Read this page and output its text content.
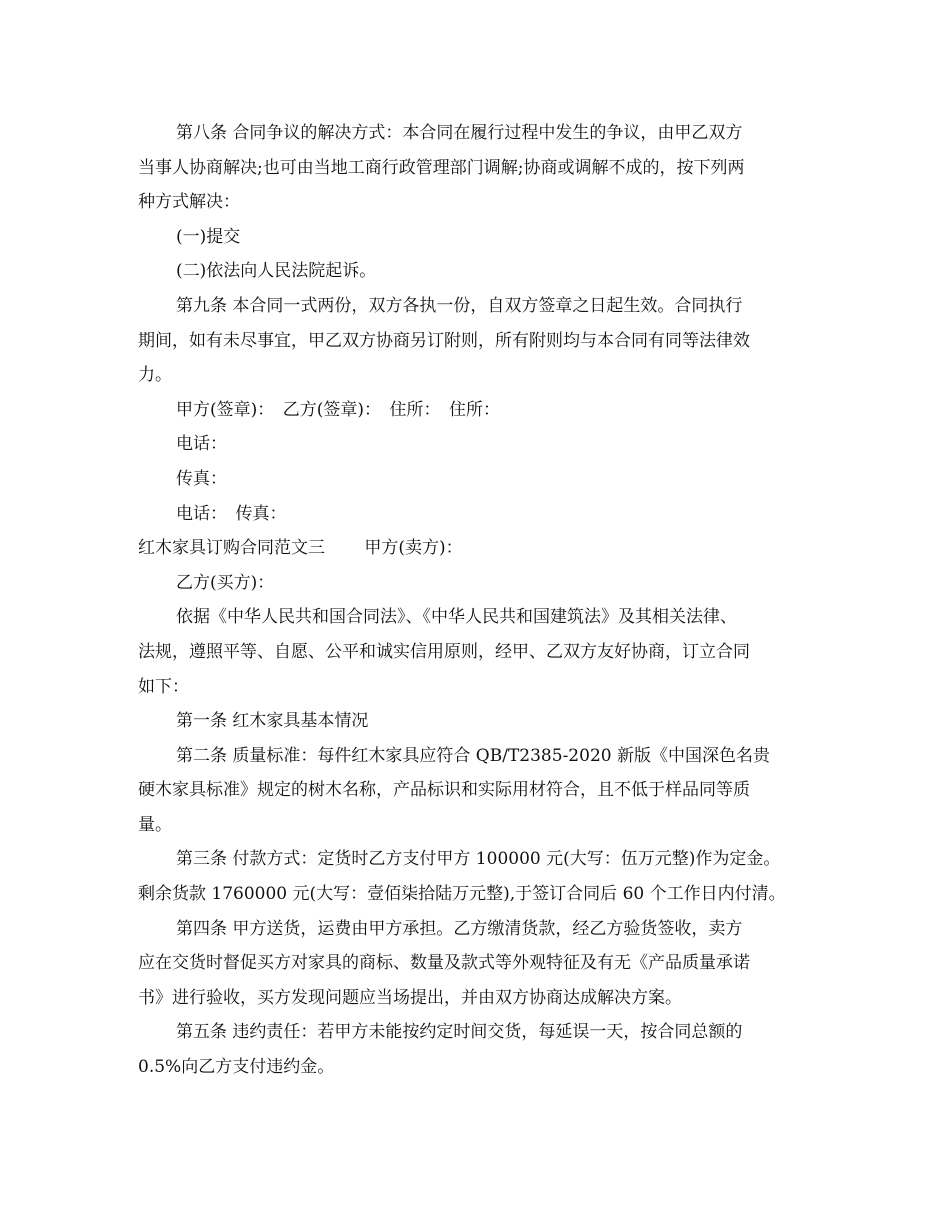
第八条 合同争议的解决方式：本合同在履行过程中发生的争议，由甲乙双方
当事人协商解决;也可由当地工商行政管理部门调解;协商或调解不成的，按下列两
种方式解决：
(一)提交
(二)依法向人民法院起诉。
第九条 本合同一式两份，双方各执一份，自双方签章之日起生效。合同执行
期间，如有未尽事宜，甲乙双方协商另订附则，所有附则均与本合同有同等法律效
力。
甲方(签章)：　乙方(签章)：　住所：　住所：
电话：
传真：
电话：　传真：
红木家具订购合同范文三　　 甲方(卖方)：
乙方(买方)：
依据《中华人民共和国合同法》、《中华人民共和国建筑法》及其相关法律、
法规，遵照平等、自愿、公平和诚实信用原则，经甲、乙双方友好协商，订立合同
如下：
第一条 红木家具基本情况
第二条 质量标准：每件红木家具应符合 QB/T2385-2020 新版《中国深色名贵
硬木家具标准》规定的树木名称，产品标识和实际用材符合，且不低于样品同等质
量。
第三条 付款方式：定货时乙方支付甲方 100000 元(大写：伍万元整)作为定金。
剩余货款 1760000 元(大写：壹佰柒拾陆万元整),于签订合同后 60 个工作日内付清。
第四条 甲方送货，运费由甲方承担。乙方缴清货款，经乙方验货签收，卖方
应在交货时督促买方对家具的商标、数量及款式等外观特征及有无《产品质量承诺
书》进行验收，买方发现问题应当场提出，并由双方协商达成解决方案。
第五条 违约责任：若甲方未能按约定时间交货，每延误一天，按合同总额的
0.5%向乙方支付违约金。
